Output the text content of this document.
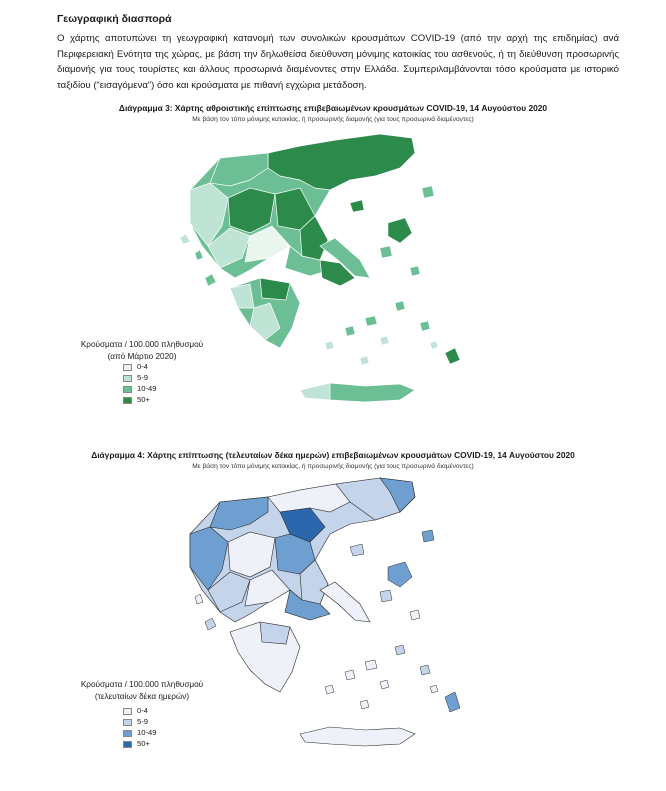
Γεωγραφική διασπορά
Ο χάρτης αποτυπώνει τη γεωγραφική κατανομή των συνολικών κρουσμάτων COVID-19 (από την αρχή της επιδημίας) ανά Περιφερειακή Ενότητα της χώρας, με βάση την δηλωθείσα διεύθυνση μόνιμης κατοικίας του ασθενούς, ή τη διεύθυνση προσωρινής διαμονής για τους τουρίστες και άλλους προσωρινά διαμένοντες στην Ελλάδα. Συμπεριλαμβάνονται τόσο κρούσματα με ιστορικό ταξιδίου (“εισαγόμενα”) όσο και κρούσματα με πιθανή εγχώρια μετάδοση.
Διάγραμμα 3: Χάρτης αθροιστικής επίπτωσης επιβεβαιωμένων κρουσμάτων COVID-19, 14 Αυγούστου 2020
Με βάση τον τόπο μόνιμης κατοικίας, ή προσωρινής διαμονής (για τους προσωρινά διαμένοντες)
Κρούσματα / 100.000 πληθυσμού
(από Μάρτιο 2020)
0-4
5-9
10-49
50+
Διάγραμμα 4: Χάρτης επίπτωσης (τελευταίων δέκα ημερών) επιβεβαιωμένων κρουσμάτων COVID-19, 14 Αυγούστου 2020
Με βάση τον τόπο μόνιμης κατοικίας, ή προσωρινής διαμονής (για τους προσωρινά διαμένοντες)
Κρούσματα / 100.000 πληθυσμού
(τελευταίων δέκα ημερών)
0-4
5-9
10-49
50+
